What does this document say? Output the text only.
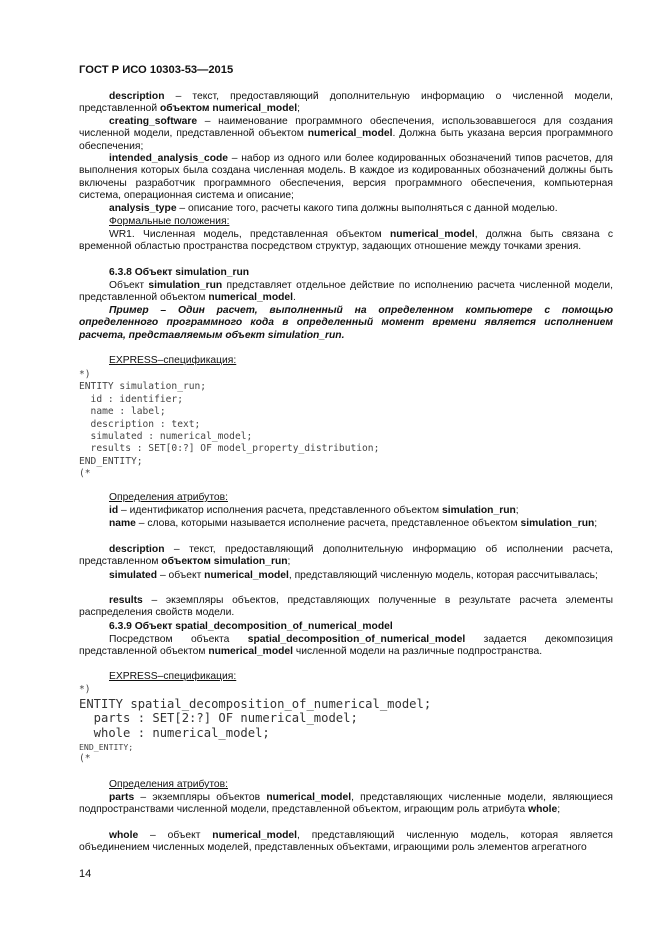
ГОСТ Р ИСО 10303-53—2015

description – текст, предоставляющий дополнительную информацию о численной модели, представленной объектом numerical_model;

creating_software – наименование программного обеспечения, использовавшегося для создания численной модели, представленной объектом numerical_model. Должна быть указана версия программного обеспечения;

intended_analysis_code – набор из одного или более кодированных обозначений типов расчетов, для выполнения которых была создана численная модель. В каждое из кодированных обозначений должны быть включены разработчик программного обеспечения, версия программного обеспечения, компьютерная система, операционная система и описание;

analysis_type – описание того, расчеты какого типа должны выполняться с данной моделью.

Формальные положения:

WR1. Численная модель, представленная объектом numerical_model, должна быть связана с временной областью пространства посредством структур, задающих отношение между точками зрения.

6.3.8 Объект simulation_run

Объект simulation_run представляет отдельное действие по исполнению расчета численной модели, представленной объектом numerical_model.

Пример – Один расчет, выполненный на определенном компьютере с помощью определенного программного кода в определенный момент времени является исполнением расчета, представляемым объект simulation_run.

EXPRESS–спецификация:

*)
ENTITY simulation_run;
id : identifier;
name : label;
description : text;
simulated : numerical_model;
results : SET[0:?] OF model_property_distribution;
END_ENTITY;
(*

Определения атрибутов:

id – идентификатор исполнения расчета, представленного объектом simulation_run;

name – слова, которыми называется исполнение расчета, представленное объектом simulation_run;

description – текст, предоставляющий дополнительную информацию об исполнении расчета, представленном объектом simulation_run;

simulated – объект numerical_model, представляющий численную модель, которая рассчитывалась;

results – экземпляры объектов, представляющих полученные в результате расчета элементы распределения свойств модели.

6.3.9 Объект spatial_decomposition_of_numerical_model

Посредством объекта spatial_decomposition_of_numerical_model задается декомпозиция представленной объектом numerical_model численной модели на различные подпространства.

EXPRESS–спецификация:

*)
ENTITY spatial_decomposition_of_numerical_model;
parts : SET[2:?] OF numerical_model;
whole : numerical_model;
END_ENTITY;
(*

Определения атрибутов:

parts – экземпляры объектов numerical_model, представляющих численные модели, являющиеся подпространствами численной модели, представленной объектом, играющим роль атрибута whole;

whole – объект numerical_model, представляющий численную модель, которая является объединением численных моделей, представленных объектами, играющими роль элементов агрегатного

14
